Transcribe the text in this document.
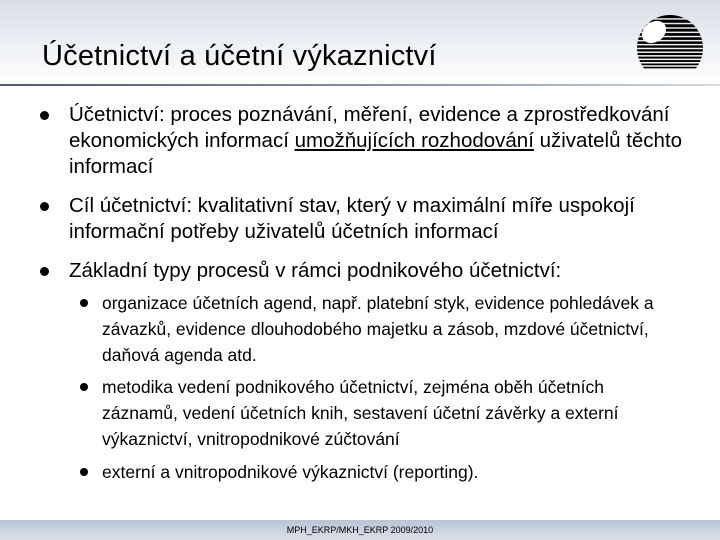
Účetnictví a účetní výkaznictví
Účetnictví: proces poznávání, měření, evidence a zprostředkování ekonomických informací umožňujících rozhodování uživatelů těchto informací
Cíl účetnictví: kvalitativní stav, který v maximální míře uspokojí informační potřeby uživatelů účetních informací
Základní typy procesů v rámci podnikového účetnictví:
organizace účetních agend, např. platební styk, evidence pohledávek a závazků, evidence dlouhodobého majetku a zásob, mzdové účetnictví, daňová agenda atd.
metodika vedení podnikového účetnictví, zejména oběh účetních záznamů, vedení účetních knih, sestavení účetní závěrky a externí výkaznictví, vnitropodnikové zúčtování
externí a vnitropodnikové výkaznictví (reporting).
MPH_EKRP/MKH_EKRP 2009/2010
